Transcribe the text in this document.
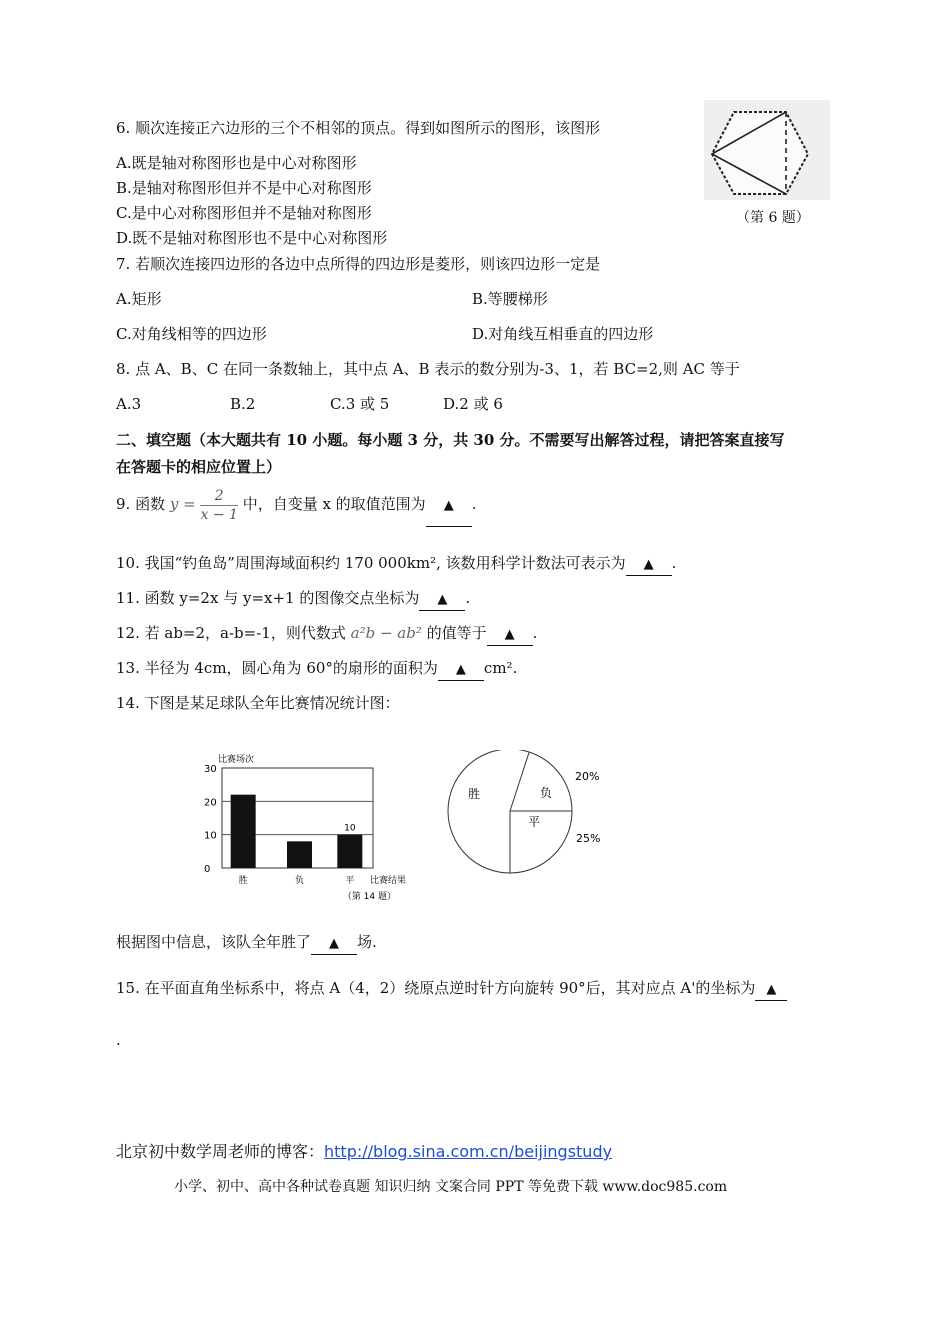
6. 顺次连接正六边形的三个不相邻的顶点。得到如图所示的图形，该图形
A.既是轴对称图形也是中心对称图形
B.是轴对称图形但并不是中心对称图形
C.是中心对称图形但并不是轴对称图形
D.既不是轴对称图形也不是中心对称图形
（第 6 题）
7. 若顺次连接四边形的各边中点所得的四边形是菱形，则该四边形一定是
A.矩形	B.等腰梯形
C.对角线相等的四边形	D.对角线互相垂直的四边形
8. 点 A、B、C 在同一条数轴上，其中点 A、B 表示的数分别为-3、1，若 BC=2,则 AC 等于
A.3	B.2	C.3 或 5	D.2 或 6
二、填空题（本大题共有 10 小题。每小题 3 分，共 30 分。不需要写出解答过程，请把答案直接写
在答题卡的相应位置上）
9. 函数 $y = \frac{2}{x - 1}$ 中，自变量 x 的取值范围为 ▲ .
10. 我国“钓鱼岛”周围海域面积约 170 000km², 该数用科学计数法可表示为 ▲ .
11. 函数 y=2x 与 y=x+1 的图像交点坐标为 ▲ .
12. 若 ab=2，a-b=-1，则代数式 a²b − ab² 的值等于 ▲ .
13. 半径为 4cm，圆心角为 60°的扇形的面积为 ▲ cm².
14. 下图是某足球队全年比赛情况统计图：
比赛场次
比赛结果
（第 14 题）
0
10
20
30
胜	负	平
10	平
胜	负
20%
25%
根据图中信息，该队全年胜了 ▲ 场.
15. 在平面直角坐标系中，将点 A（4，2）绕原点逆时针方向旋转 90°后，其对应点 A'的坐标为 ▲
.
北京初中数学周老师的博客：http://blog.sina.com.cn/beijingstudy
小学、初中、高中各种试卷真题 知识归纳 文案合同 PPT 等免费下载 www.doc985.com
